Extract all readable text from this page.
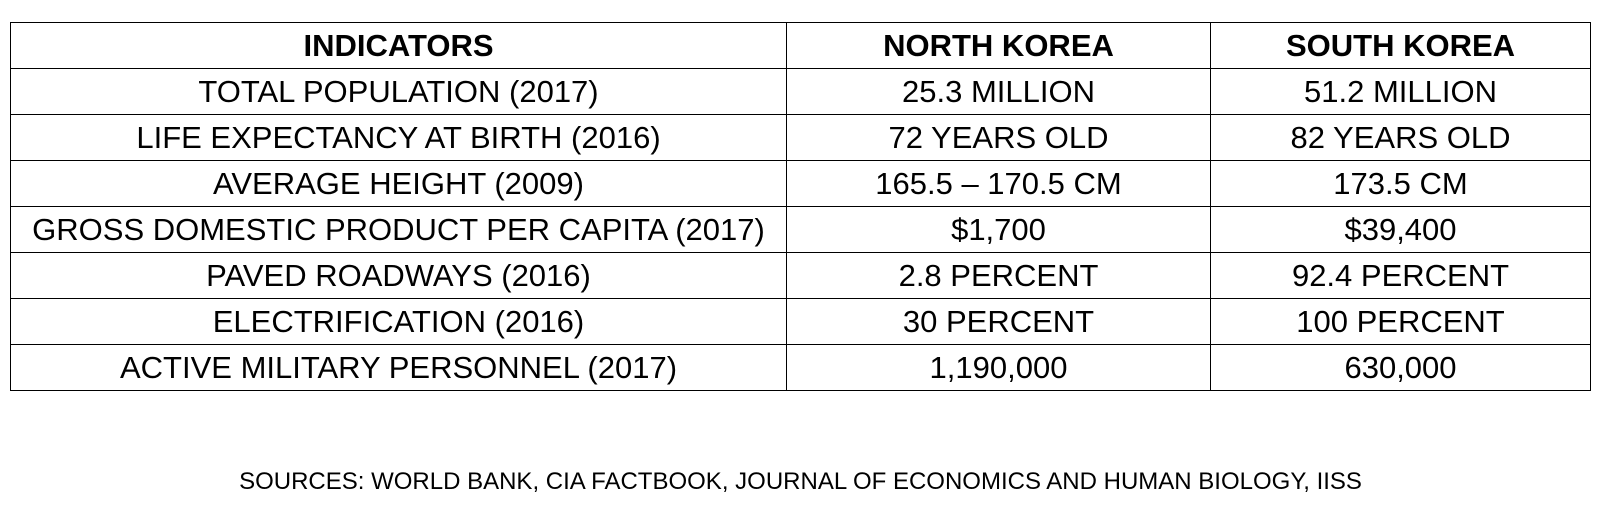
INDICATORS	NORTH KOREA	SOUTH KOREA
TOTAL POPULATION (2017)	25.3 MILLION	51.2 MILLION
LIFE EXPECTANCY AT BIRTH (2016)	72 YEARS OLD	82 YEARS OLD
AVERAGE HEIGHT (2009)	165.5 – 170.5 CM	173.5 CM
GROSS DOMESTIC PRODUCT PER CAPITA (2017)	$1,700	$39,400
PAVED ROADWAYS (2016)	2.8 PERCENT	92.4 PERCENT
ELECTRIFICATION (2016)	30 PERCENT	100 PERCENT
ACTIVE MILITARY PERSONNEL (2017)	1,190,000	630,000
SOURCES: WORLD BANK, CIA FACTBOOK, JOURNAL OF ECONOMICS AND HUMAN BIOLOGY, IISS
